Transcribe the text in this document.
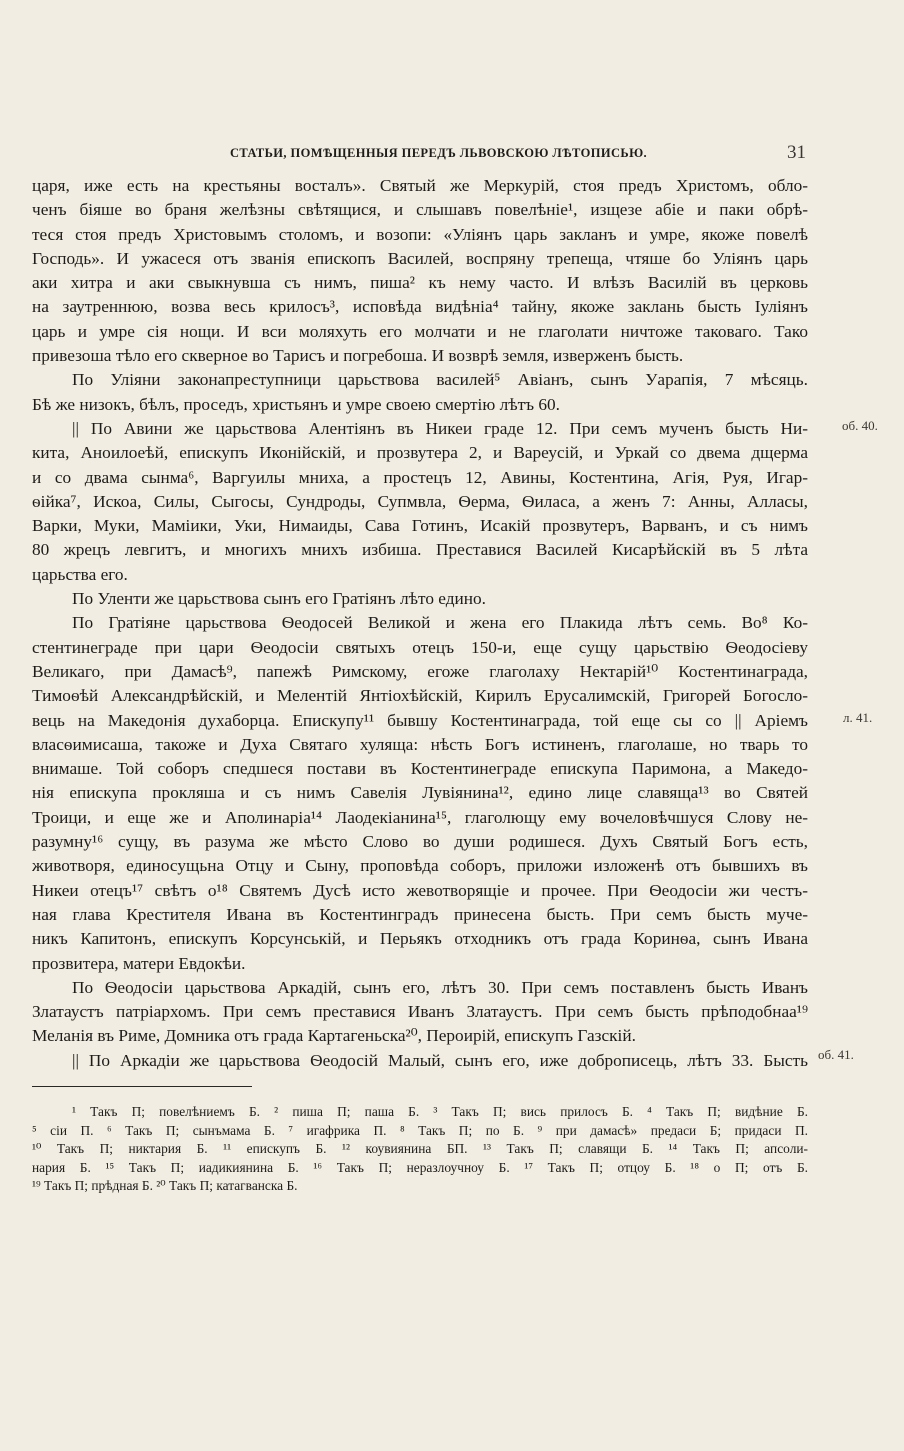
СТАТЬИ, ПОМѢЩЕННЫЯ ПЕРЕДЪ ЛЬВОВСКОЮ ЛѢТОПИСЬЮ.	31
царя, иже есть на крестьяны восталъ». Святый же Меркурій, стоя предъ Христомъ, обло-
ченъ біяше во браня желѣзны свѣтящися, и слышавъ повелѣніе¹, изщезе абіе и паки обрѣ-
теся стоя предъ Христовымъ столомъ, и возопи: «Уліянъ царь закланъ и умре, якоже повелѣ
Господь». И ужасеся отъ званія епископъ Василей, воспряну трепеща, чтяше бо Уліянъ царь
аки хитра и аки свыкнувша съ нимъ, пиша² къ нему часто. И влѣзъ Василій въ церковь
на заутреннюю, возва весь крилосъ³, исповѣда видѣніа⁴ тайну, якоже заклань бысть Іуліянъ
царь и умре сія нощи. И вси моляхуть его молчати и не глаголати ничтоже таковаго. Тако
привезоша тѣло его скверное во Тарисъ и погребоша. И возврѣ земля, изверженъ бысть.
По Уліяни законапреступници царьствова василей⁵ Авіанъ, сынъ Уарапія, 7 мѣсяць.
Бѣ же низокъ, бѣлъ, проседъ, христьянъ и умре своею смертію лѣтъ 60.
|| По Авини же царьствова Алентіянъ въ Никеи граде 12. При семъ мученъ бысть Ни-
кита, Аноилоеѣй, епискупъ Иконійскій, и прозвутера 2, и Вареусій, и Уркай со двема дщерма
и со двама сынма⁶, Варгуилы мниха, а простецъ 12, Авины, Костентина, Агія, Руя, Игар-
ѳійка⁷, Искоа, Силы, Сыгосы, Сундроды, Супмвла, Ѳерма, Ѳиласа, а женъ 7: Анны, Алласы,
Варки, Муки, Маміики, Уки, Нимаиды, Сава Готинъ, Исакій прозвутеръ, Варванъ, и съ нимъ
80 жрецъ левгитъ, и многихъ мнихъ избиша. Преставися Василей Кисарѣйскій въ 5 лѣта
царьства его.
По Уленти же царьствова сынъ его Гратіянъ лѣто едино.
По Гратіяне царьствова Ѳеодосей Великой и жена его Плакида лѣтъ семь. Во⁸ Ко-
стентинеграде при цари Ѳеодосіи святыхъ отецъ 150-и, еще сущу царьствію Ѳеодосіеву
Великаго, при Дамасѣ⁹, папежѣ Римскому, егоже глаголаху Нектарій¹⁰ Костентинаграда,
Тимоѳѣй Александрѣйскій, и Мелентій Янтіохѣйскій, Кирилъ Ерусалимскій, Григорей Богосло-
вець на Македонія духаборца. Епискупу¹¹ бывшу Костентинаграда, той еще сы со || Аріемъ
власѳимисаша, такоже и Духа Святаго хуляща: нѣсть Богъ истиненъ, глаголаше, но тварь то
внимаше. Той соборъ спедшеся постави въ Костентинеграде епискупа Паримона, а Македо-
нія епискупа прокляша и съ нимъ Савелія Лувіянина¹², едино лице славяща¹³ во Святей
Троици, и еще же и Аполинаріа¹⁴ Лаодекіанина¹⁵, глаголющу ему вочеловѣчшуся Слову не-
разумну¹⁶ сущу, въ разума же мѣсто Слово во души родишеся. Духъ Святый Богъ есть,
животворя, единосущьна Отцу и Сыну, проповѣда соборъ, приложи изложенѣ отъ бывшихъ въ
Никеи отецъ¹⁷ свѣтъ о¹⁸ Святемъ Дусѣ исто жевотворящіе и прочее. При Ѳеодосіи жи честъ-
ная глава Крестителя Ивана въ Костентинградъ принесена бысть. При семъ бысть муче-
никъ Капитонъ, епискупъ Корсунській, и Перьякъ отходникъ отъ града Коринѳа, сынъ Ивана
прозвитера, матери Евдокѣи.
По Ѳеодосіи царьствова Аркадій, сынъ его, лѣтъ 30. При семъ поставленъ бысть Иванъ
Златаустъ патріархомъ. При семъ преставися Иванъ Златаустъ. При семъ бысть прѣподобнаа¹⁹
Меланія въ Риме, Домника отъ града Картагеньска²⁰, Пероирій, епискупъ Газскій.
|| По Аркадіи же царьствова Ѳеодосій Малый, сынъ его, иже доброписець, лѣтъ 33. Бысть
об. 40.
л. 41.
об. 41.
¹ Такъ П; повелѣниемъ Б. ² пиша П; паша Б. ³ Такъ П; вись прилосъ Б. ⁴ Такъ П; видѣние Б.
⁵ сіи П. ⁶ Такъ П; сынъмама Б. ⁷ игафрика П. ⁸ Такъ П; по Б. ⁹ при дамасѣ» предаси Б; придаси П.
¹⁰ Такъ П; никтария Б. ¹¹ епискупъ Б. ¹² коувиянина БП. ¹³ Такъ П; славящи Б. ¹⁴ Такъ П; апсоли-
нария Б. ¹⁵ Такъ П; иадикиянина Б. ¹⁶ Такъ П; неразлоучноу Б. ¹⁷ Такъ П; отцоу Б. ¹⁸ о П; отъ Б.
¹⁹ Такъ П; прѣдная Б. ²⁰ Такъ П; катагванска Б.
